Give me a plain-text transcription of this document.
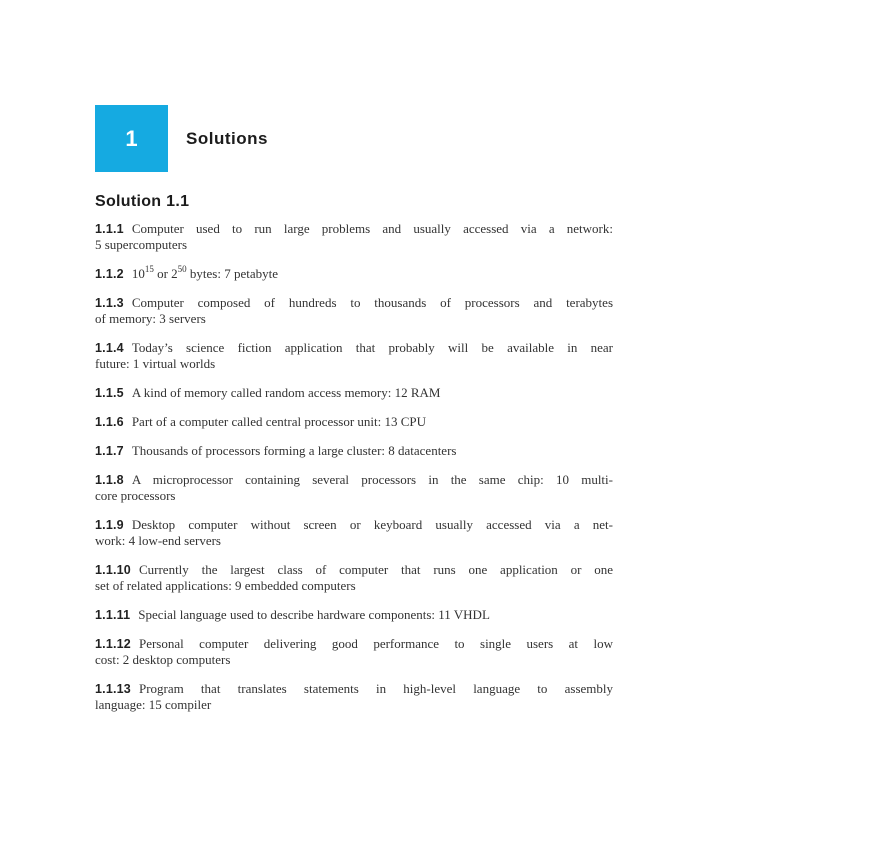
1	Solutions
Solution 1.1

1.1.1 Computer used to run large problems and usually accessed via a network:
5 supercomputers

1.1.2 $10^{15}$ or $2^{50}$ bytes: 7 petabyte

1.1.3 Computer composed of hundreds to thousands of processors and terabytes
of memory: 3 servers

1.1.4 Today’s science fiction application that probably will be available in near
future: 1 virtual worlds

1.1.5 A kind of memory called random access memory: 12 RAM

1.1.6 Part of a computer called central processor unit: 13 CPU

1.1.7 Thousands of processors forming a large cluster: 8 datacenters

1.1.8 A microprocessor containing several processors in the same chip: 10 multi-
core processors

1.1.9 Desktop computer without screen or keyboard usually accessed via a net-
work: 4 low-end servers

1.1.10 Currently the largest class of computer that runs one application or one
set of related applications: 9 embedded computers

1.1.11 Special language used to describe hardware components: 11 VHDL

1.1.12 Personal computer delivering good performance to single users at low
cost: 2 desktop computers

1.1.13 Program that translates statements in high-level language to assembly
language: 15 compiler
